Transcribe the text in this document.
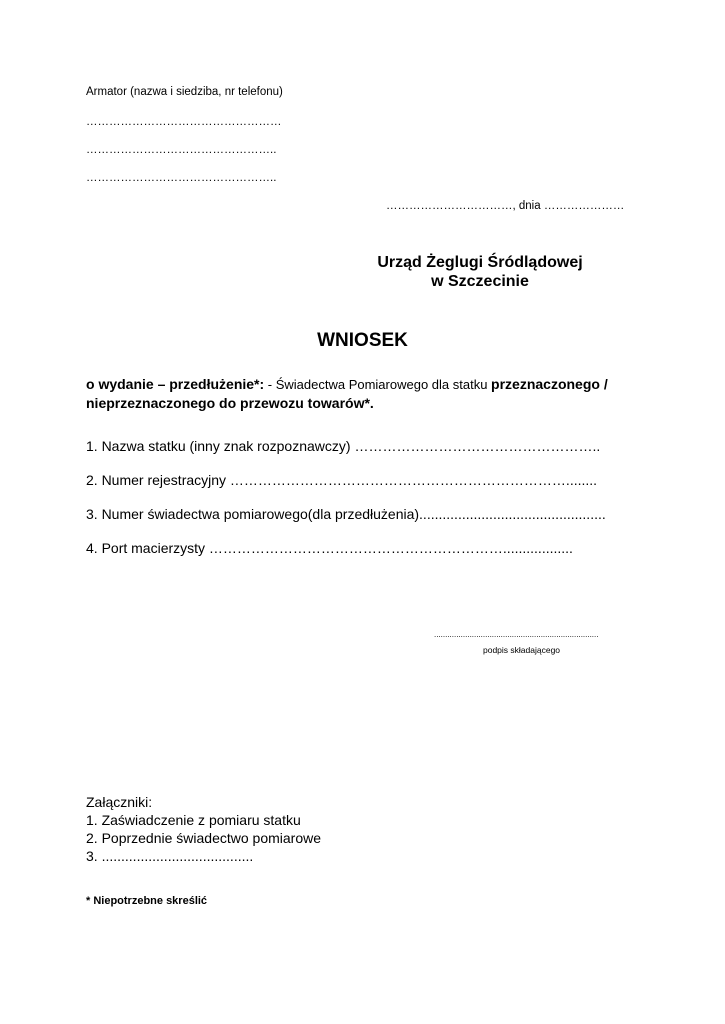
Armator (nazwa i siedziba, nr telefonu)
……………………………………………
…………………………………………..
…………………………………………..
……………………………, dnia …………………
Urząd Żeglugi Śródlądowej
w Szczecinie
WNIOSEK
o wydanie – przedłużenie*: - Świadectwa Pomiarowego dla statku przeznaczonego / nieprzeznaczonego do przewozu towarów*.
1. Nazwa statku (inny znak rozpoznawczy) ……………………………………………..
2. Numer rejestracyjny ………………………………………………………………........
3. Numer świadectwa pomiarowego(dla przedłużenia)................................................
4. Port macierzysty ………………………………………………………..................
..........................................................................
podpis składającego
Załączniki:
1. Zaświadczenie z pomiaru statku
2. Poprzednie świadectwo pomiarowe
3. .......................................
* Niepotrzebne skreślić
